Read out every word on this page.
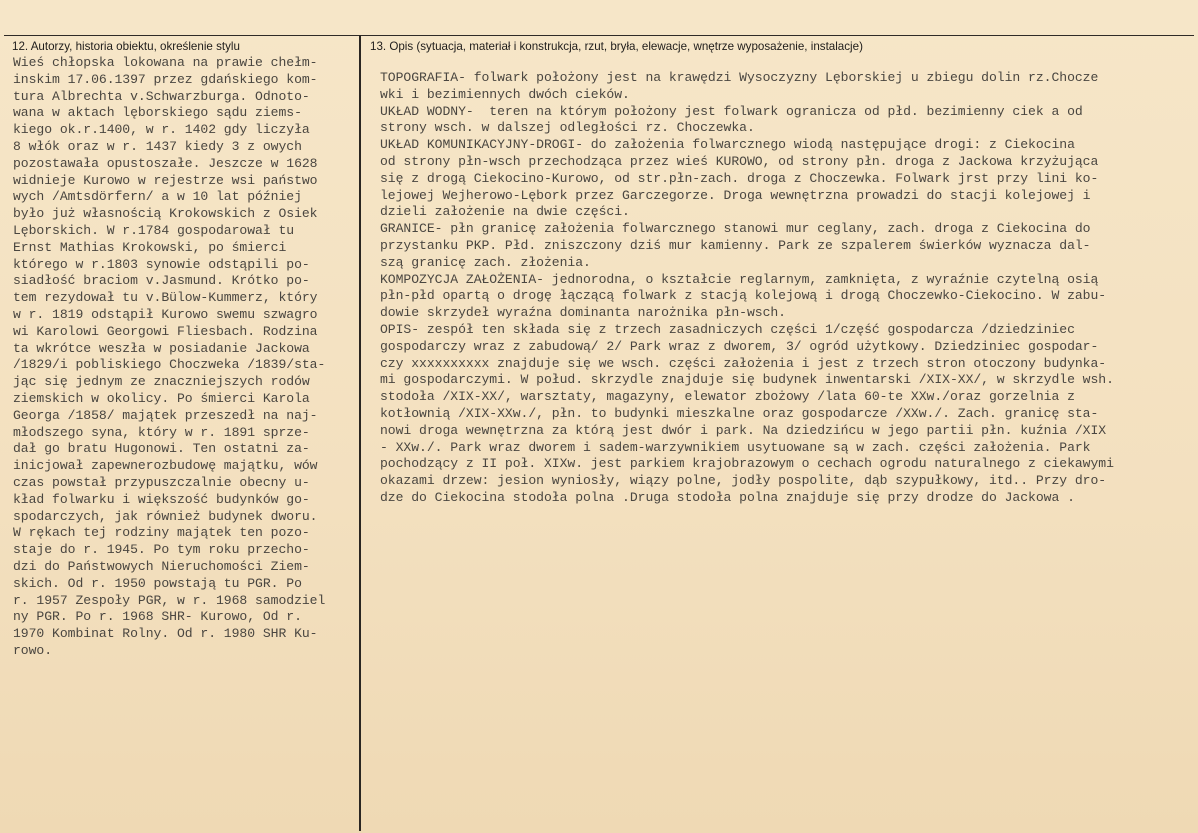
12. Autorzy, historia obiektu, określenie stylu	13. Opis (sytuacja, materiał i konstrukcja, rzut, bryła, elewacje, wnętrze wyposażenie, instalacje)
Wieś chłopska lokowana na prawie chełm-
inskim 17.06.1397 przez gdańskiego kom-
tura Albrechta v.Schwarzburga. Odnoto-
wana w aktach lęborskiego sądu ziems-
kiego ok.r.1400, w r. 1402 gdy liczyła
8 włók oraz w r. 1437 kiedy 3 z owych
pozostawała opustoszałe. Jeszcze w 1628
widnieje Kurowo w rejestrze wsi państwo
wych /Amtsdörfern/ a w 10 lat później
było już własnością Krokowskich z Osiek
Lęborskich. W r.1784 gospodarował tu
Ernst Mathias Krokowski, po śmierci
którego w r.1803 synowie odstąpili po-
siadłość braciom v.Jasmund. Krótko po-
tem rezydował tu v.Bülow-Kummerz, który
w r. 1819 odstąpił Kurowo swemu szwagro
wi Karolowi Georgowi Fliesbach. Rodzina
ta wkrótce weszła w posiadanie Jackowa
/1829/i pobliskiego Choczweka /1839/sta-
jąc się jednym ze znaczniejszych rodów
ziemskich w okolicy. Po śmierci Karola
Georga /1858/ majątek przeszedł na naj-
młodszego syna, który w r. 1891 sprze-
dał go bratu Hugonowi. Ten ostatni za-
inicjował zapewnerozbudowę majątku, wów
czas powstał przypuszczalnie obecny u-
kład folwarku i większość budynków go-
spodarczych, jak również budynek dworu.
W rękach tej rodziny majątek ten pozo-
staje do r. 1945. Po tym roku przecho-
dzi do Państwowych Nieruchomości Ziem-
skich. Od r. 1950 powstają tu PGR. Po
r. 1957 Zespoły PGR, w r. 1968 samodziel
ny PGR. Po r. 1968 SHR- Kurowo, Od r.
1970 Kombinat Rolny. Od r. 1980 SHR Ku-
rowo.
TOPOGRAFIA- folwark położony jest na krawędzi Wysoczyzny Lęborskiej u zbiegu dolin rz.Chocze
wki i bezimiennych dwóch cieków.
UKŁAD WODNY-  teren na którym położony jest folwark ogranicza od płd. bezimienny ciek a od
strony wsch. w dalszej odległości rz. Choczewka.
UKŁAD KOMUNIKACYJNY-DROGI- do założenia folwarcznego wiodą następujące drogi: z Ciekocina
od strony płn-wsch przechodząca przez wieś KUROWO, od strony płn. droga z Jackowa krzyżująca
się z drogą Ciekocino-Kurowo, od str.płn-zach. droga z Choczewka. Folwark jrst przy lini ko-
lejowej Wejherowo-Lębork przez Garczegorze. Droga wewnętrzna prowadzi do stacji kolejowej i
dzieli założenie na dwie części.
GRANICE- płn granicę założenia folwarcznego stanowi mur ceglany, zach. droga z Ciekocina do
przystanku PKP. Płd. zniszczony dziś mur kamienny. Park ze szpalerem świerków wyznacza dal-
szą granicę zach. złożenia.
KOMPOZYCJA ZAŁOŻENIA- jednorodna, o kształcie reglarnym, zamknięta, z wyraźnie czytelną osią
płn-płd opartą o drogę łączącą folwark z stacją kolejową i drogą Choczewko-Ciekocino. W zabu-
dowie skrzydeł wyraźna dominanta narożnika płn-wsch.
OPIS- zespół ten składa się z trzech zasadniczych części 1/część gospodarcza /dziedziniec
gospodarczy wraz z zabudową/ 2/ Park wraz z dworem, 3/ ogród użytkowy. Dziedziniec gospodar-
czy xxxxxxxxxx znajduje się we wsch. części założenia i jest z trzech stron otoczony budynka-
mi gospodarczymi. W połud. skrzydle znajduje się budynek inwentarski /XIX-XX/, w skrzydle wsh.
stodoła /XIX-XX/, warsztaty, magazyny, elewator zbożowy /lata 60-te XXw./oraz gorzelnia z
kotłownią /XIX-XXw./, płn. to budynki mieszkalne oraz gospodarcze /XXw./. Zach. granicę sta-
nowi droga wewnętrzna za którą jest dwór i park. Na dziedzińcu w jego partii płn. kuźnia /XIX
- XXw./. Park wraz dworem i sadem-warzywnikiem usytuowane są w zach. części założenia. Park
pochodzący z II poł. XIXw. jest parkiem krajobrazowym o cechach ogrodu naturalnego z ciekawymi
okazami drzew: jesion wyniosły, wiązy polne, jodły pospolite, dąb szypułkowy, itd.. Przy dro-
dze do Ciekocina stodoła polna .Druga stodoła polna znajduje się przy drodze do Jackowa .
